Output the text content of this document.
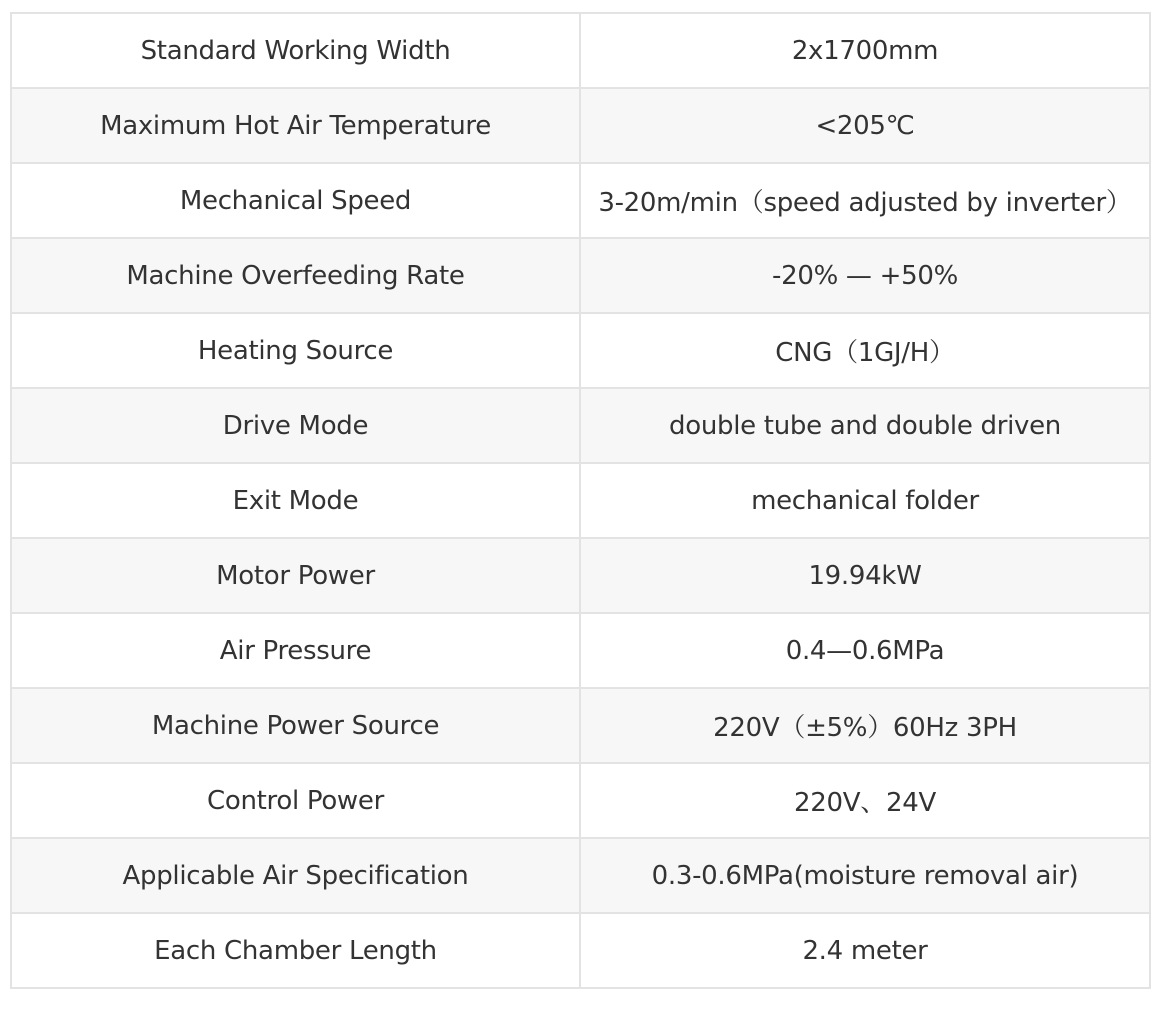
Standard Working Width	2x1700mm
Maximum Hot Air Temperature	<205℃
Mechanical Speed	3-20m/min（speed adjusted by inverter）
Machine Overfeeding Rate	-20% — +50%
Heating Source	CNG（1GJ/H）
Drive Mode	double tube and double driven
Exit Mode	mechanical folder
Motor Power	19.94kW
Air Pressure	0.4—0.6MPa
Machine Power Source	220V（±5%）60Hz 3PH
Control Power	220V、24V
Applicable Air Specification	0.3-0.6MPa(moisture removal air)
Each Chamber Length	2.4 meter
